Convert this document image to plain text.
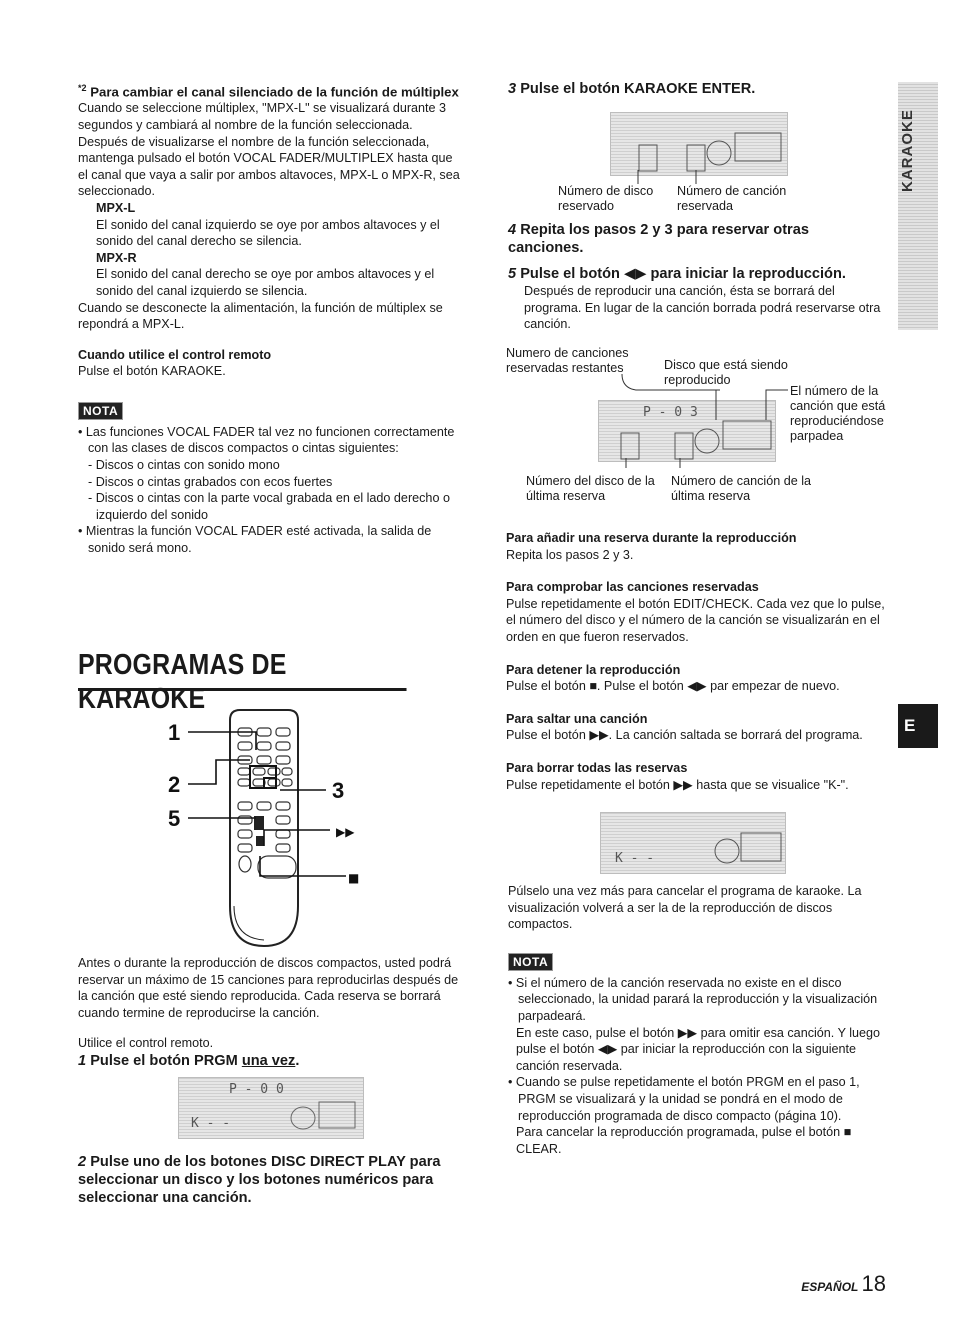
KARAOKE
E

$^{*2}$ Para cambiar el canal silenciado de la función de múltiplex

Cuando se seleccione múltiplex, "MPX-L" se visualizará durante 3 segundos y cambiará al nombre de la función seleccionada. Después de visualizarse el nombre de la función seleccionada, mantenga pulsado el botón VOCAL FADER/MULTIPLEX hasta que el canal que vaya a salir por ambos altavoces, MPX-L o MPX-R, sea seleccionado.

MPX-L

El sonido del canal izquierdo se oye por ambos altavoces y el sonido del canal derecho se silencia.

MPX-R

El sonido del canal derecho se oye por ambos altavoces y el sonido del canal izquierdo se silencia.

Cuando se desconecte la alimentación, la función de múltiplex se repondrá a MPX-L.

Cuando utilice el control remoto

Pulse el botón KARAOKE.

NOTA

• Las funciones VOCAL FADER tal vez no funcionen correctamente con las clases de discos compactos o cintas siguientes:

- Discos o cintas con sonido mono

- Discos o cintas grabados con ecos fuertes

- Discos o cintas con la parte vocal grabada en el lado derecho o izquierdo del sonido

• Mientras la función VOCAL FADER esté activada, la salida de sonido será mono.

PROGRAMAS DE KARAOKE
1
2
5
3
▶▶
■

Antes o durante la reproducción de discos compactos, usted podrá reservar un máximo de 15 canciones para reproducirlas después de la canción que esté siendo reproducida. Cada reserva se borrará cuando termine de reproducirse la canción.

Utilice el control remoto.

1 Pulse el botón PRGM una vez.

P - 0 0
K - -
2 Pulse uno de los botones DISC DIRECT PLAY para seleccionar un disco y los botones numéricos para seleccionar una canción.
3 Pulse el botón KARAOKE ENTER.
Número de disco reservado
Número de canción reservada

4 Repita los pasos 2 y 3 para reservar otras canciones.

5 Pulse el botón ◀▶ para iniciar la reproducción.

Después de reproducir una canción, ésta se borrará del programa. En lugar de la canción borrada podrá reservarse otra canción.

Numero de canciones reservadas restantes	Disco que está siendo reproducido
El número de la canción que está reproduciéndose parpadea
P - 0 3
Número del disco de la última reserva
Número de canción de la última reserva

Para añadir una reserva durante la reproducción

Repita los pasos 2 y 3.

Para comprobar las canciones reservadas

Pulse repetidamente el botón EDIT/CHECK. Cada vez que lo pulse, el número del disco y el número de la canción se visualizarán en el orden en que fueron reservados.

Para detener la reproducción

Pulse el botón ■. Pulse el botón ◀▶ par empezar de nuevo.

Para saltar una canción

Pulse el botón ▶▶. La canción saltada se borrará del programa.

Para borrar todas las reservas

Pulse repetidamente el botón ▶▶ hasta que se visualice "K-".

K - -

Púlselo una vez más para cancelar el programa de karaoke. La visualización volverá a ser la de la reproducción de discos compactos.

NOTA

• Si el número de la canción reservada no existe en el disco seleccionado, la unidad parará la reproducción y la visualización parpadeará.

En este caso, pulse el botón ▶▶ para omitir esa canción. Y luego pulse el botón ◀▶ par iniciar la reproducción con la siguiente canción reservada.

• Cuando se pulse repetidamente el botón PRGM en el paso 1, PRGM se visualizará y la unidad se pondrá en el modo de reproducción programada de disco compacto (página 10).

Para cancelar la reproducción programada, pulse el botón ■ CLEAR.

ESPAÑOL 18
